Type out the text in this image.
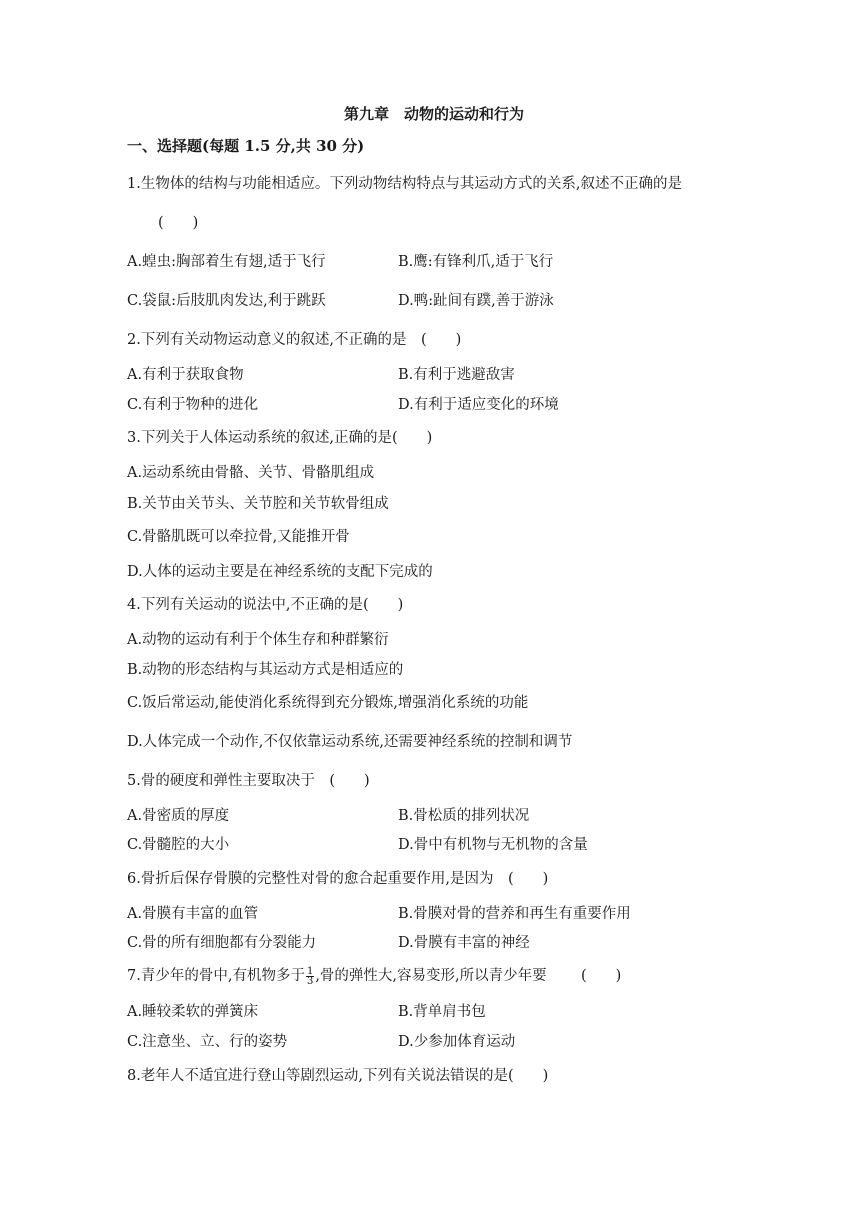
第九章　动物的运动和行为
一、选择题(每题 1.5 分,共 30 分)
1.生物体的结构与功能相适应。下列动物结构特点与其运动方式的关系,叙述不正确的是
(　　)
A.蝗虫:胸部着生有翅,适于飞行	B.鹰:有锋利爪,适于飞行
C.袋鼠:后肢肌肉发达,利于跳跃	D.鸭:趾间有蹼,善于游泳
2.下列有关动物运动意义的叙述,不正确的是　(　　)
A.有利于获取食物	B.有利于逃避敌害
C.有利于物种的进化	D.有利于适应变化的环境
3.下列关于人体运动系统的叙述,正确的是(　　)
A.运动系统由骨骼、关节、骨骼肌组成
B.关节由关节头、关节腔和关节软骨组成
C.骨骼肌既可以牵拉骨,又能推开骨
D.人体的运动主要是在神经系统的支配下完成的
4.下列有关运动的说法中,不正确的是(　　)
A.动物的运动有利于个体生存和种群繁衍
B.动物的形态结构与其运动方式是相适应的
C.饭后常运动,能使消化系统得到充分锻炼,增强消化系统的功能
D.人体完成一个动作,不仅依靠运动系统,还需要神经系统的控制和调节
5.骨的硬度和弹性主要取决于　(　　)
A.骨密质的厚度	B.骨松质的排列状况
C.骨髓腔的大小	D.骨中有机物与无机物的含量
6.骨折后保存骨膜的完整性对骨的愈合起重要作用,是因为　(　　)
A.骨膜有丰富的血管	B.骨膜对骨的营养和再生有重要作用
C.骨的所有细胞都有分裂能力	D.骨膜有丰富的神经
7.青少年的骨中,有机物多于 $\frac{1}{3}$ ,骨的弹性大,容易变形,所以青少年要 (　　)
A.睡较柔软的弹簧床	B.背单肩书包
C.注意坐、立、行的姿势	D.少参加体育运动
8.老年人不适宜进行登山等剧烈运动,下列有关说法错误的是(　　)
